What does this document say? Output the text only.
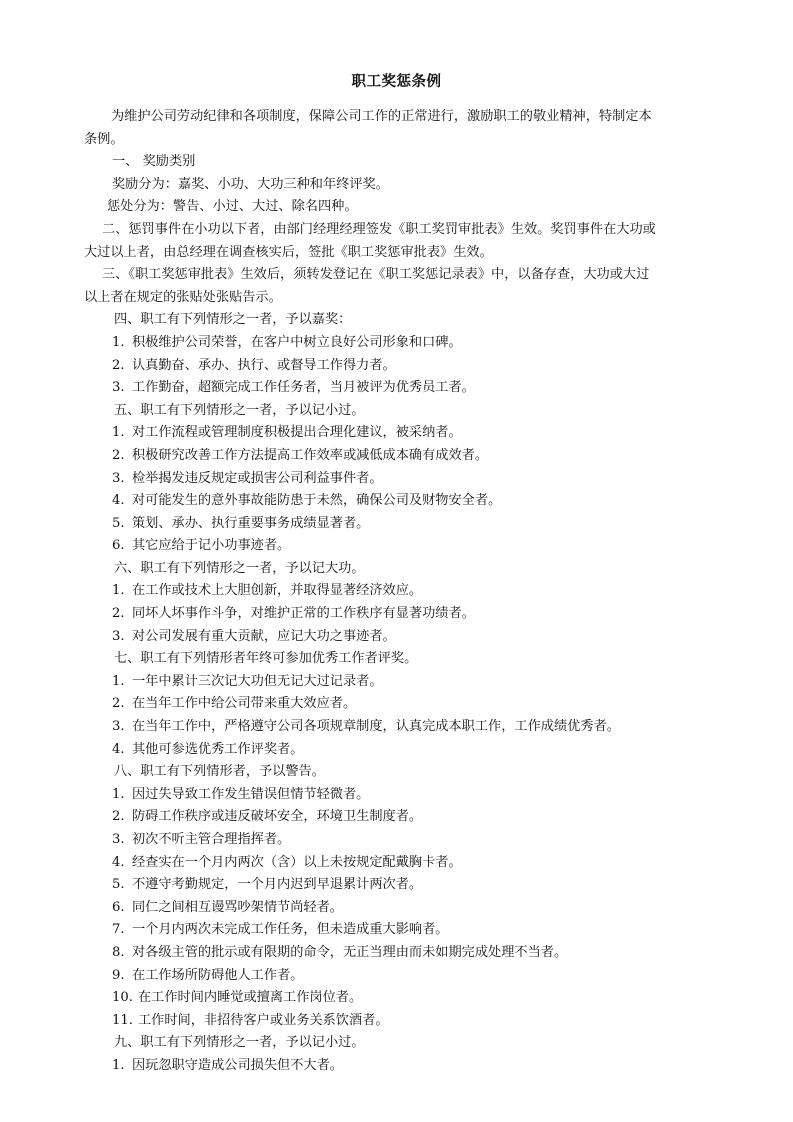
职工奖惩条例
为维护公司劳动纪律和各项制度，保障公司工作的正常进行，激励职工的敬业精神，特制定本
条例。
一、 奖励类别
奖励分为：嘉奖、小功、大功三种和年终评奖。
惩处分为：警告、小过、大过、除名四种。
二、惩罚事件在小功以下者，由部门经理经理签发《职工奖罚审批表》生效。奖罚事件在大功或
大过以上者，由总经理在调查核实后，签批《职工奖惩审批表》生效。
三、《职工奖惩审批表》生效后，须转发登记在《职工奖惩记录表》中，以备存查，大功或大过
以上者在规定的张贴处张贴告示。
四、职工有下列情形之一者，予以嘉奖：
1. 积极维护公司荣誉，在客户中树立良好公司形象和口碑。
2. 认真勤奋、承办、执行、或督导工作得力者。
3. 工作勤奋，超额完成工作任务者，当月被评为优秀员工者。
五、职工有下列情形之一者，予以记小过。
1. 对工作流程或管理制度积极提出合理化建议，被采纳者。
2. 积极研究改善工作方法提高工作效率或减低成本确有成效者。
3. 检举揭发违反规定或损害公司利益事件者。
4. 对可能发生的意外事故能防患于未然，确保公司及财物安全者。
5. 策划、承办、执行重要事务成绩显著者。
6. 其它应给于记小功事迹者。
六、职工有下列情形之一者，予以记大功。
1. 在工作或技术上大胆创新，并取得显著经济效应。
2. 同坏人坏事作斗争，对维护正常的工作秩序有显著功绩者。
3. 对公司发展有重大贡献，应记大功之事迹者。
七、职工有下列情形者年终可参加优秀工作者评奖。
1. 一年中累计三次记大功但无记大过记录者。
2. 在当年工作中给公司带来重大效应者。
3. 在当年工作中，严格遵守公司各项规章制度，认真完成本职工作，工作成绩优秀者。
4. 其他可参选优秀工作评奖者。
八、职工有下列情形者，予以警告。
1. 因过失导致工作发生错误但情节轻微者。
2. 防碍工作秩序或违反破坏安全，环境卫生制度者。
3. 初次不听主管合理指挥者。
4. 经查实在一个月内两次（含）以上未按规定配戴胸卡者。
5. 不遵守考勤规定，一个月内迟到早退累计两次者。
6. 同仁之间相互谩骂吵架情节尚轻者。
7. 一个月内两次未完成工作任务，但未造成重大影响者。
8. 对各级主管的批示或有限期的命令，无正当理由而未如期完成处理不当者。
9. 在工作场所防碍他人工作者。
10. 在工作时间内睡觉或擅离工作岗位者。
11. 工作时间，非招待客户或业务关系饮酒者。
九、职工有下列情形之一者，予以记小过。
1. 因玩忽职守造成公司损失但不大者。
